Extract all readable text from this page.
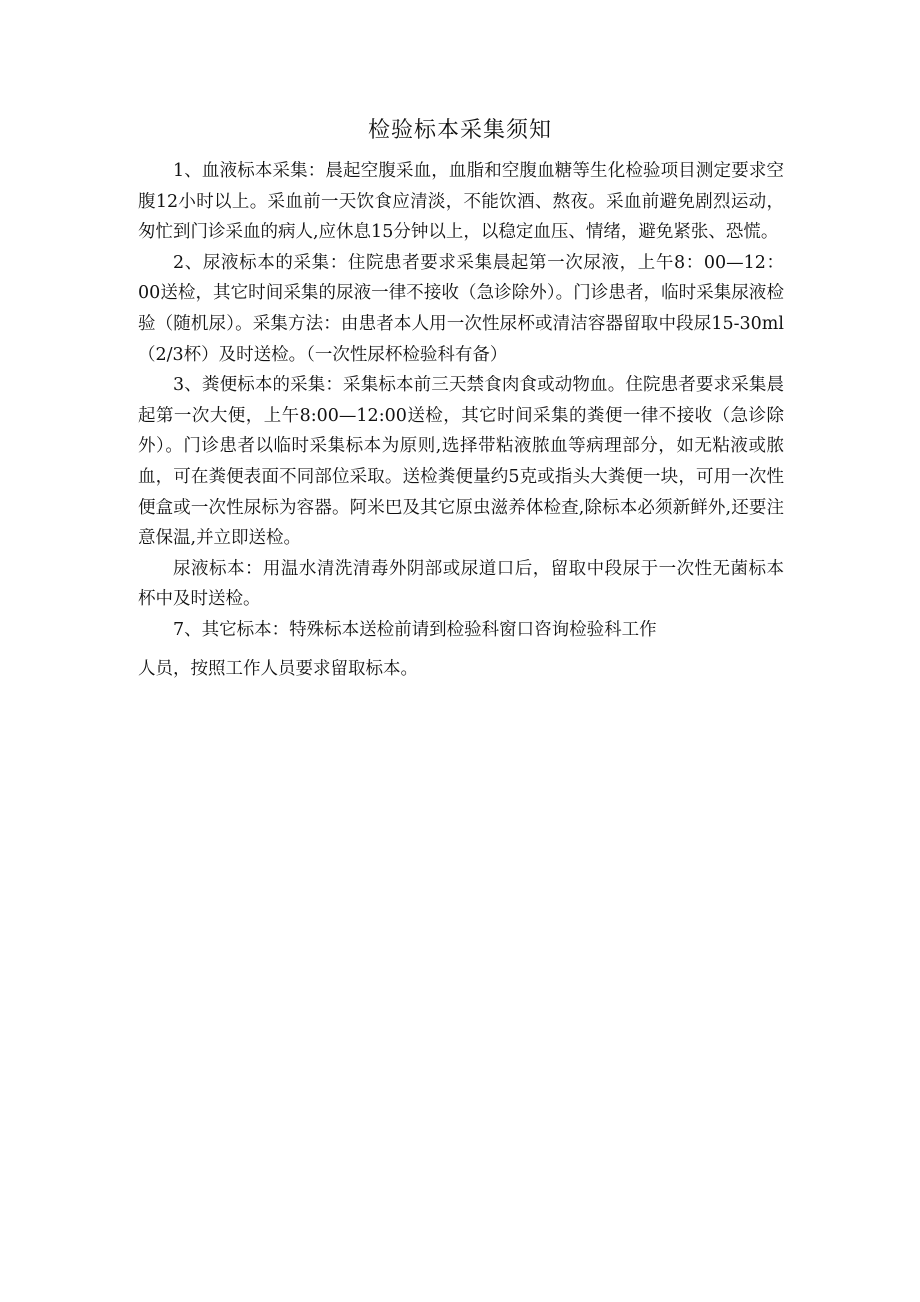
检验标本采集须知

1、血液标本采集：晨起空腹采血，血脂和空腹血糖等生化检验项目测定要求空腹12小时以上。采血前一天饮食应清淡，不能饮酒、熬夜。采血前避免剧烈运动，匆忙到门诊采血的病人,应休息15分钟以上，以稳定血压、情绪，避免紧张、恐慌。

2、尿液标本的采集：住院患者要求采集晨起第一次尿液，上午8：00—12：00送检，其它时间采集的尿液一律不接收（急诊除外）。门诊患者，临时采集尿液检验（随机尿）。采集方法：由患者本人用一次性尿杯或清洁容器留取中段尿15-30ml（2/3杯）及时送检。（一次性尿杯检验科有备）

3、粪便标本的采集：采集标本前三天禁食肉食或动物血。住院患者要求采集晨起第一次大便，上午8:00—12:00送检，其它时间采集的粪便一律不接收（急诊除外）。门诊患者以临时采集标本为原则,选择带粘液脓血等病理部分，如无粘液或脓血，可在粪便表面不同部位采取。送检粪便量约5克或指头大粪便一块，可用一次性便盒或一次性尿标为容器。阿米巴及其它原虫滋养体检查,除标本必须新鲜外,还要注意保温,并立即送检。

尿液标本：用温水清洗清毒外阴部或尿道口后，留取中段尿于一次性无菌标本杯中及时送检。

7、其它标本：特殊标本送检前请到检验科窗口咨询检验科工作

人员，按照工作人员要求留取标本。
